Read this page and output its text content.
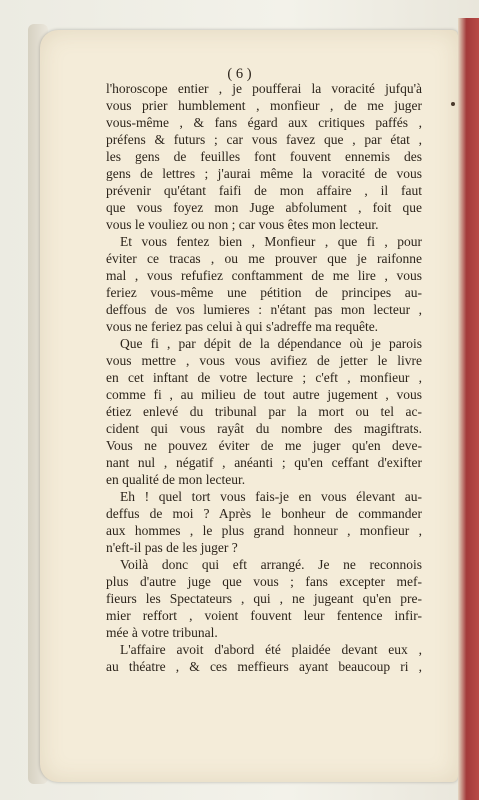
( 6 )
l'horoscope entier , je poufferai la voracité jufqu'à
vous prier humblement , monfieur , de me juger
vous-même , & fans égard aux critiques paffés ,
préfens & futurs ; car vous favez que , par état ,
les gens de feuilles font fouvent ennemis des
gens de lettres ; j'aurai même la voracité de vous
prévenir qu'étant faifi de mon affaire , il faut
que vous foyez mon Juge abfolument , foit que
vous le vouliez ou non ; car vous êtes mon lecteur.
Et vous fentez bien , Monfieur , que fi , pour
éviter ce tracas , ou me prouver que je raifonne
mal , vous refufiez conftamment de me lire , vous
feriez vous-même une pétition de principes au-
deffous de vos lumieres : n'étant pas mon lecteur ,
vous ne feriez pas celui à qui s'adreffe ma requête.
Que fi , par dépit de la dépendance où je parois
vous mettre , vous vous avifiez de jetter le livre
en cet inftant de votre lecture ; c'eft , monfieur ,
comme fi , au milieu de tout autre jugement , vous
étiez enlevé du tribunal par la mort ou tel ac-
cident qui vous rayât du nombre des magiftrats.
Vous ne pouvez éviter de me juger qu'en deve-
nant nul , négatif , anéanti ; qu'en ceffant d'exifter
en qualité de mon lecteur.
Eh ! quel tort vous fais-je en vous élevant au-
deffus de moi ? Après le bonheur de commander
aux hommes , le plus grand honneur , monfieur ,
n'eft-il pas de les juger ?
Voilà donc qui eft arrangé. Je ne reconnois
plus d'autre juge que vous ; fans excepter mef-
fieurs les Spectateurs , qui , ne jugeant qu'en pre-
mier reffort , voient fouvent leur fentence infir-
mée à votre tribunal.
L'affaire avoit d'abord été plaidée devant eux ,
au théatre , & ces meffieurs ayant beaucoup ri ,
